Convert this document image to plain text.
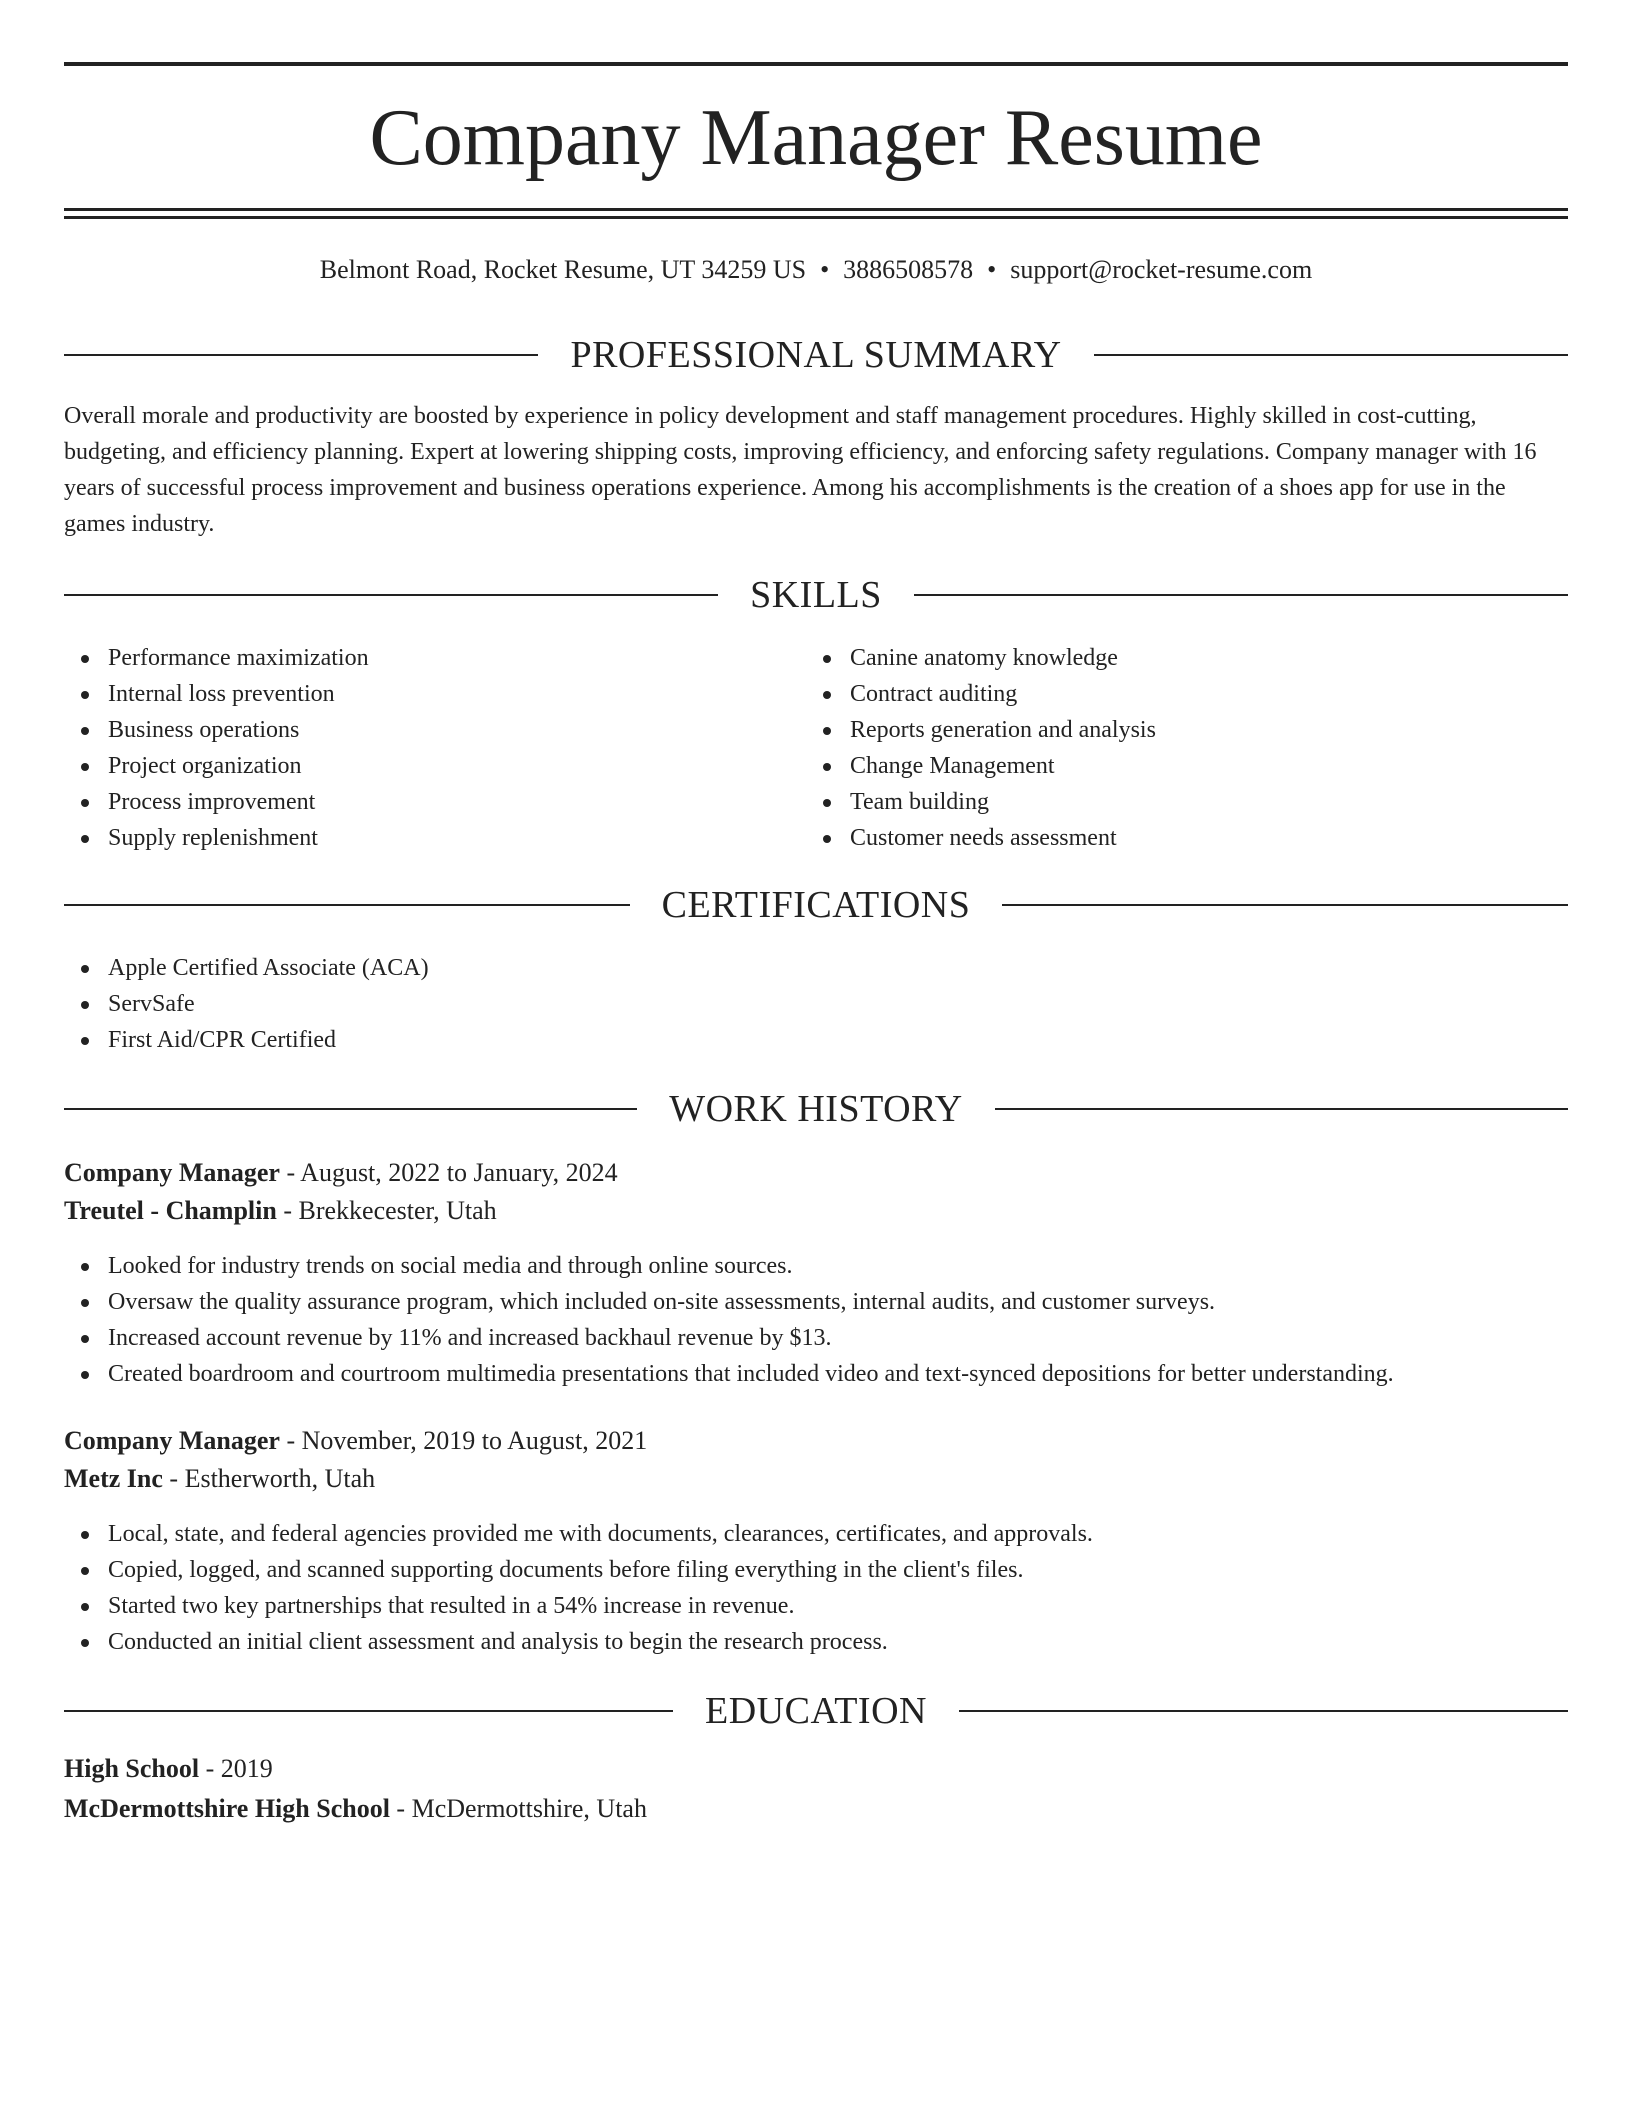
Company Manager Resume
Belmont Road, Rocket Resume, UT 34259 US • 3886508578 • support@rocket-resume.com
PROFESSIONAL SUMMARY

Overall morale and productivity are boosted by experience in policy development and staff management procedures. Highly skilled in cost-cutting, budgeting, and efficiency planning. Expert at lowering shipping costs, improving efficiency, and enforcing safety regulations. Company manager with 16 years of successful process improvement and business operations experience. Among his accomplishments is the creation of a shoes app for use in the games industry.

SKILLS
Performance maximization
Internal loss prevention
Business operations
Project organization
Process improvement
Supply replenishment
Canine anatomy knowledge
Contract auditing
Reports generation and analysis
Change Management
Team building
Customer needs assessment
CERTIFICATIONS
Apple Certified Associate (ACA)
ServSafe
First Aid/CPR Certified
WORK HISTORY
Company Manager - August, 2022 to January, 2024
Treutel - Champlin - Brekkecester, Utah
Looked for industry trends on social media and through online sources.
Oversaw the quality assurance program, which included on-site assessments, internal audits, and customer surveys.
Increased account revenue by 11% and increased backhaul revenue by $13.
Created boardroom and courtroom multimedia presentations that included video and text-synced depositions for better understanding.
Company Manager - November, 2019 to August, 2021
Metz Inc - Estherworth, Utah
Local, state, and federal agencies provided me with documents, clearances, certificates, and approvals.
Copied, logged, and scanned supporting documents before filing everything in the client's files.
Started two key partnerships that resulted in a 54% increase in revenue.
Conducted an initial client assessment and analysis to begin the research process.
EDUCATION
High School - 2019
McDermottshire High School - McDermottshire, Utah
